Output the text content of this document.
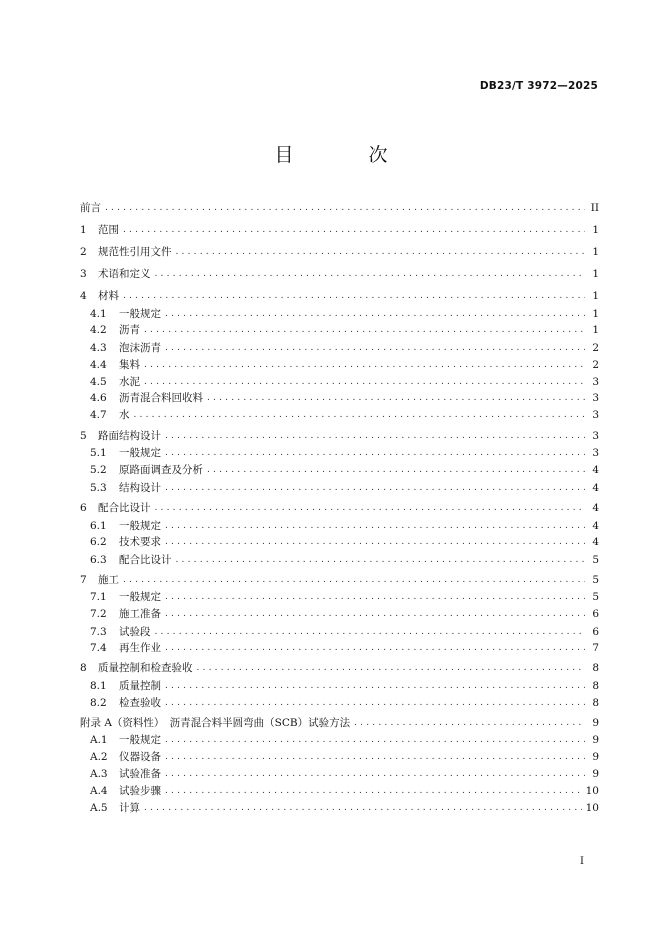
DB23/T 3972—2025
目　次
前言 .....	II
1	范围 .....	1
2	规范性引用文件 .....	1
3	术语和定义 .....	1
4	材料 .....	1
4.1	一般规定 .....	1
4.2	沥青 .....	1
4.3	泡沫沥青 .....	2
4.4	集料 .....	2
4.5	水泥 .....	3
4.6	沥青混合料回收料 .....	3
4.7	水 .....	3
5	路面结构设计 .....	3
5.1	一般规定 .....	3
5.2	原路面调查及分析 .....	4
5.3	结构设计 .....	4
6	配合比设计 .....	4
6.1	一般规定 .....	4
6.2	技术要求 .....	4
6.3	配合比设计 .....	5
7	施工 .....	5
7.1	一般规定 .....	5
7.2	施工准备 .....	6
7.3	试验段 .....	6
7.4	再生作业 .....	7
8	质量控制和检查验收 .....	8
8.1	质量控制 .....	8
8.2	检查验收 .....	8
附录 A（资料性）　沥青混合料半圆弯曲（SCB）试验方法 .....	9
A.1	一般规定 .....	9
A.2	仪器设备 .....	9
A.3	试验准备 .....	9
A.4	试验步骤 .....	10
A.5	计算 .....	10
I
